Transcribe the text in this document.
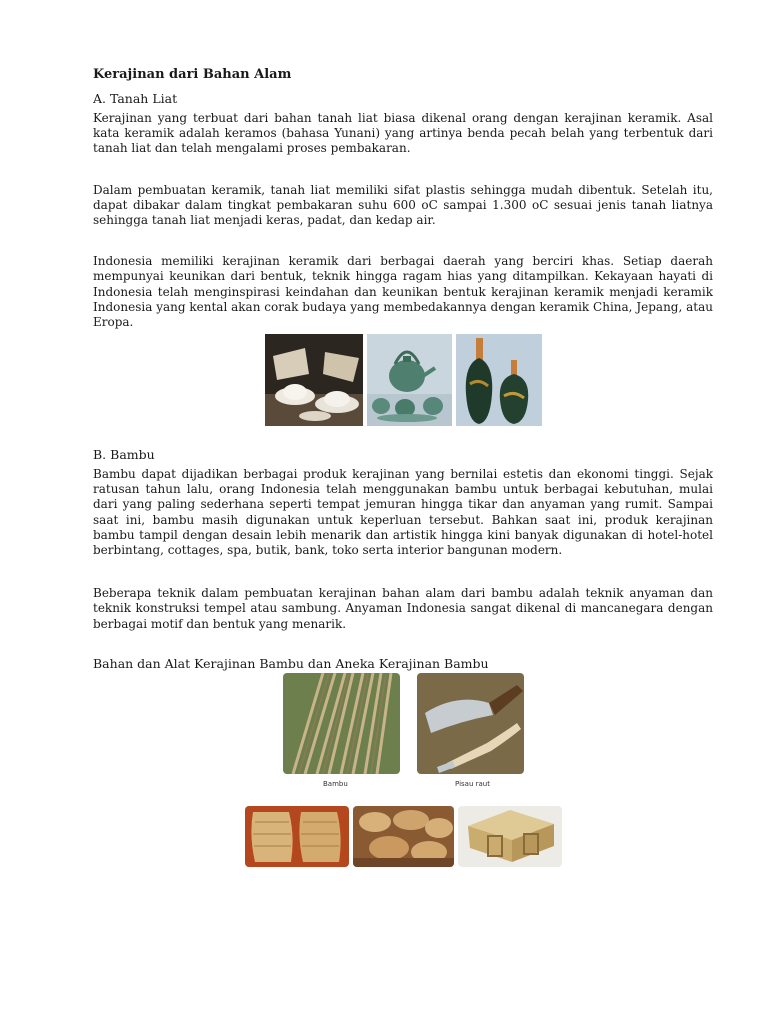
Kerajinan dari Bahan Alam
A. Tanah Liat

Kerajinan yang terbuat dari bahan tanah liat biasa dikenal orang dengan kerajinan keramik. Asal kata keramik adalah keramos (bahasa Yunani) yang artinya benda pecah belah yang terbentuk dari tanah liat dan telah mengalami proses pembakaran.

Dalam pembuatan keramik, tanah liat memiliki sifat plastis sehingga mudah dibentuk. Setelah itu, dapat dibakar dalam tingkat pembakaran suhu 600 oC sampai 1.300 oC sesuai jenis tanah liatnya sehingga tanah liat menjadi keras, padat, dan kedap air.

Indonesia memiliki kerajinan keramik dari berbagai daerah yang berciri khas. Setiap daerah mempunyai keunikan dari bentuk, teknik hingga ragam hias yang ditampilkan. Kekayaan hayati di Indonesia telah menginspirasi keindahan dan keunikan bentuk kerajinan keramik menjadi keramik Indonesia yang kental akan corak budaya yang membedakannya dengan keramik China, Jepang, atau Eropa.

B. Bambu

Bambu dapat dijadikan berbagai produk kerajinan yang bernilai estetis dan ekonomi tinggi. Sejak ratusan tahun lalu, orang Indonesia telah menggunakan bambu untuk berbagai kebutuhan, mulai dari yang paling sederhana seperti tempat jemuran hingga tikar dan anyaman yang rumit. Sampai saat ini, bambu masih digunakan untuk keperluan tersebut. Bahkan saat ini, produk kerajinan bambu tampil dengan desain lebih menarik dan artistik hingga kini banyak digunakan di hotel-hotel berbintang, cottages, spa, butik, bank, toko serta interior bangunan modern.

Beberapa teknik dalam pembuatan kerajinan bahan alam dari bambu adalah teknik anyaman dan teknik konstruksi tempel atau sambung. Anyaman Indonesia sangat dikenal di mancanegara dengan berbagai motif dan bentuk yang menarik.

Bahan dan Alat Kerajinan Bambu dan Aneka Kerajinan Bambu

Bambu	Pisau raut
